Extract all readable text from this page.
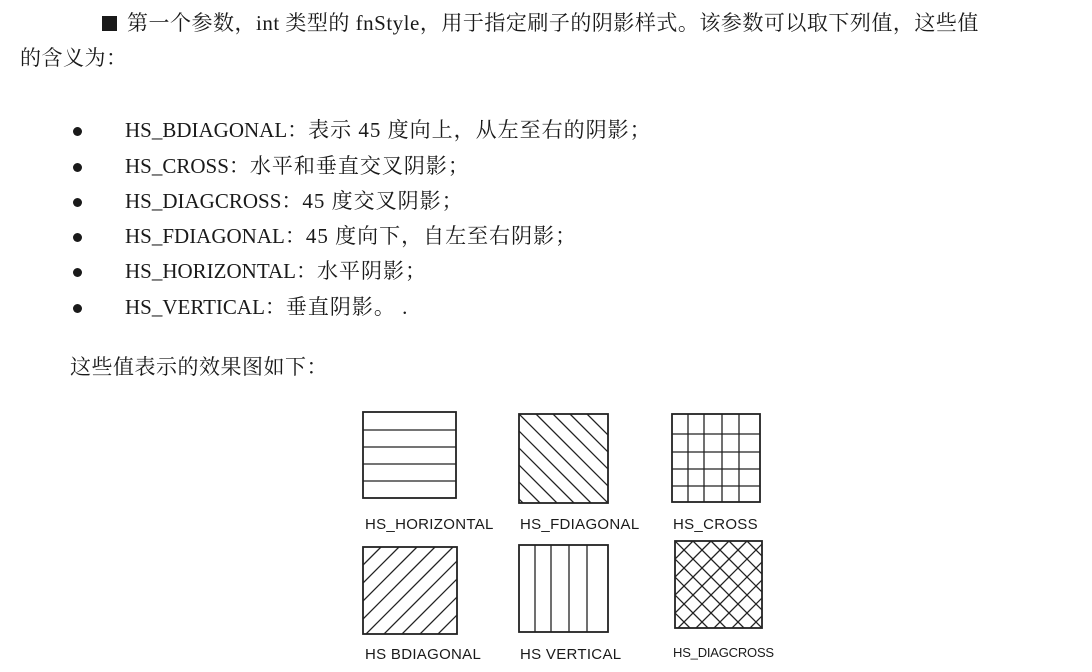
第一个参数，int 类型的 fnStyle，用于指定刷子的阴影样式。该参数可以取下列值，这些值
的含义为：
HS_BDIAGONAL：表示 45 度向上，从左至右的阴影；
HS_CROSS：水平和垂直交叉阴影；
HS_DIAGCROSS：45 度交叉阴影；
HS_FDIAGONAL：45 度向下，自左至右阴影；
HS_HORIZONTAL：水平阴影；
HS_VERTICAL：垂直阴影。 .
这些值表示的效果图如下：
HS_HORIZONTAL HS_FDIAGONAL HS_CROSS
HS BDIAGONAL	HS VERTICAL	HS_DIAGCROSS
